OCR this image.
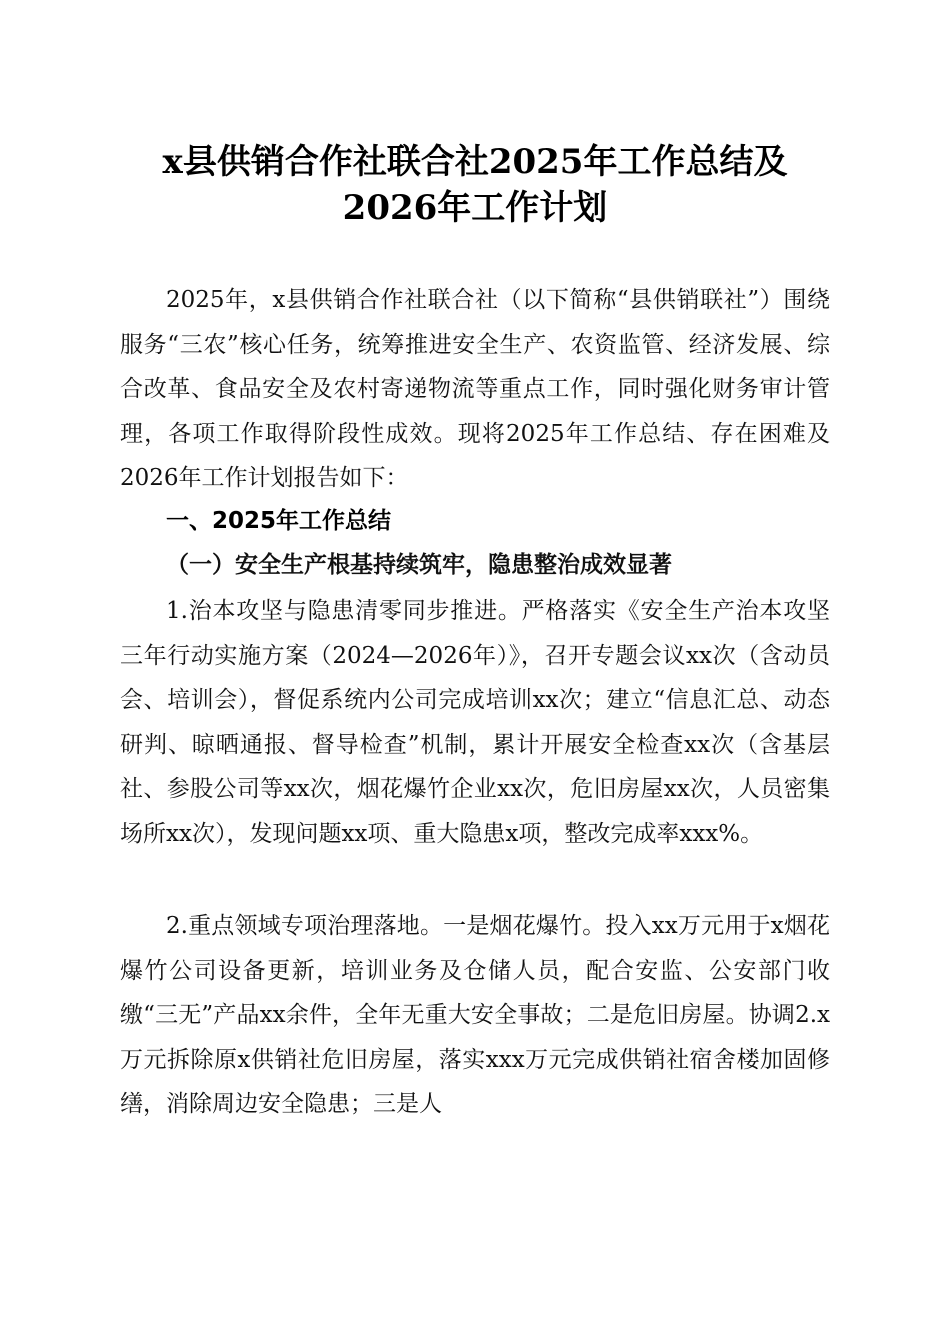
x县供销合作社联合社2025年工作总结及
2026年工作计划

2025年，x县供销合作社联合社（以下简称“县供销联社”）围绕服务“三农”核心任务，统筹推进安全生产、农资监管、经济发展、综合改革、食品安全及农村寄递物流等重点工作，同时强化财务审计管理，各项工作取得阶段性成效。现将2025年工作总结、存在困难及2026年工作计划报告如下：

一、2025年工作总结
（一）安全生产根基持续筑牢，隐患整治成效显著

1.治本攻坚与隐患清零同步推进。严格落实《安全生产治本攻坚三年行动实施方案（2024—2026年）》，召开专题会议xx次（含动员会、培训会），督促系统内公司完成培训xx次；建立“信息汇总、动态研判、晾晒通报、督导检查”机制，累计开展安全检查xx次（含基层社、参股公司等xx次，烟花爆竹企业xx次，危旧房屋xx次，人员密集场所xx次），发现问题xx项、重大隐患x项，整改完成率xxx%。

2.重点领域专项治理落地。一是烟花爆竹。投入xx万元用于x烟花爆竹公司设备更新，培训业务及仓储人员，配合安监、公安部门收缴“三无”产品xx余件，全年无重大安全事故；二是危旧房屋。协调2.x万元拆除原x供销社危旧房屋，落实xxx万元完成供销社宿舍楼加固修缮，消除周边安全隐患；三是人
